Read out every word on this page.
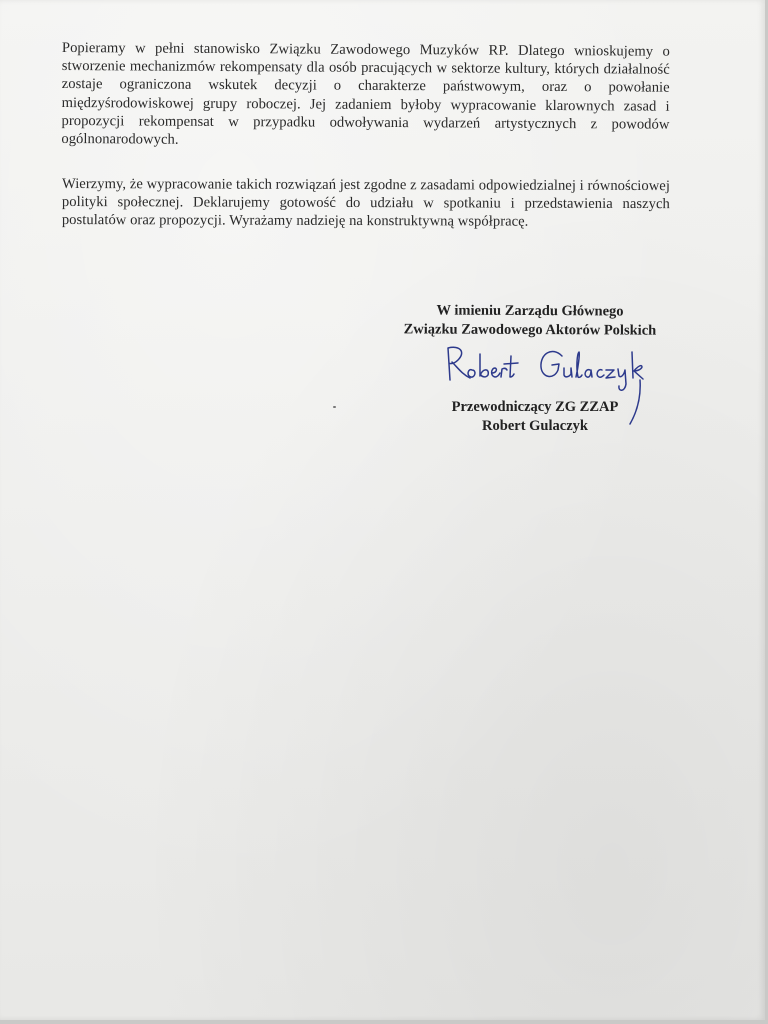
Popieramy w pełni stanowisko Związku Zawodowego Muzyków RP. Dlatego wnioskujemy o stworzenie mechanizmów rekompensaty dla osób pracujących w sektorze kultury, których działalność zostaje ograniczona wskutek decyzji o charakterze państwowym, oraz o powołanie międzyśrodowiskowej grupy roboczej. Jej zadaniem byłoby wypracowanie klarownych zasad i propozycji rekompensat w przypadku odwoływania wydarzeń artystycznych z powodów ogólnonarodowych.

Wierzymy, że wypracowanie takich rozwiązań jest zgodne z zasadami odpowiedzialnej i równościowej polityki społecznej. Deklarujemy gotowość do udziału w spotkaniu i przedstawienia naszych postulatów oraz propozycji. Wyrażamy nadzieję na konstruktywną współpracę.

W imieniu Zarządu Głównego

Związku Zawodowego Aktorów Polskich

Robert Gulaczyk

Przewodniczący ZG ZZAP

Robert Gulaczyk
